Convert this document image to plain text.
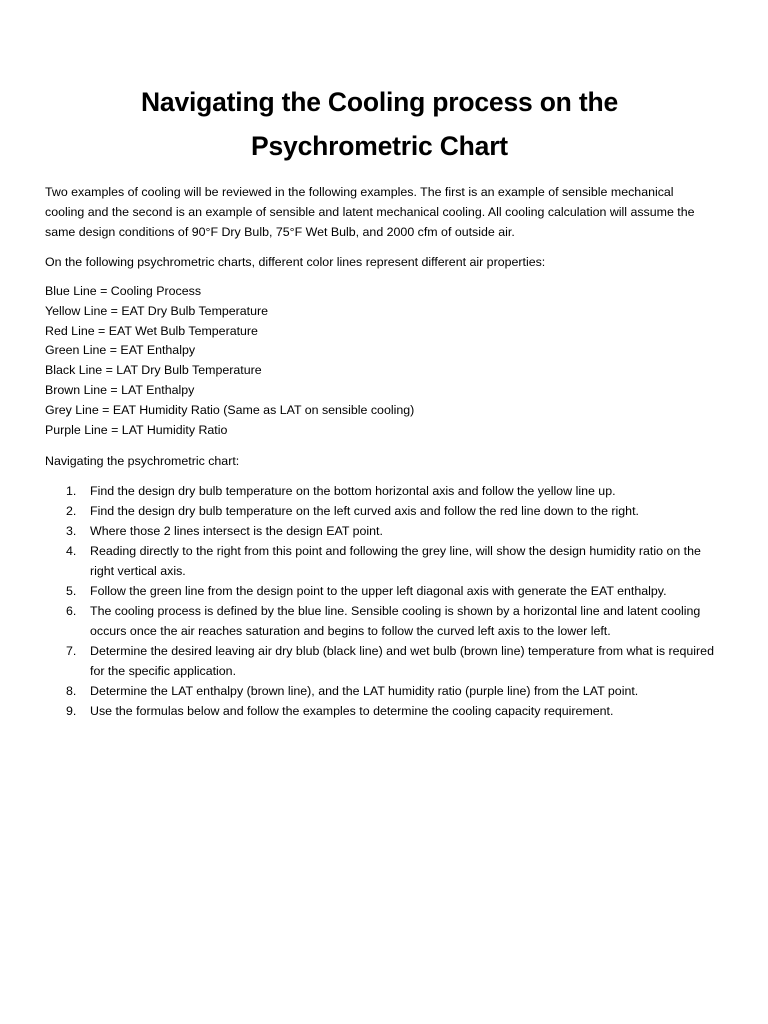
Navigating the Cooling process on the
Psychrometric Chart

Two examples of cooling will be reviewed in the following examples. The first is an example of sensible mechanical cooling and the second is an example of sensible and latent mechanical cooling. All cooling calculation will assume the same design conditions of 90°F Dry Bulb, 75°F Wet Bulb, and 2000 cfm of outside air.

On the following psychrometric charts, different color lines represent different air properties:

Blue Line = Cooling Process
Yellow Line = EAT Dry Bulb Temperature
Red Line = EAT Wet Bulb Temperature
Green Line = EAT Enthalpy
Black Line = LAT Dry Bulb Temperature
Brown Line = LAT Enthalpy
Grey Line = EAT Humidity Ratio (Same as LAT on sensible cooling)
Purple Line = LAT Humidity Ratio

Navigating the psychrometric chart:

1. Find the design dry bulb temperature on the bottom horizontal axis and follow the yellow line up.
2. Find the design dry bulb temperature on the left curved axis and follow the red line down to the right.
3. Where those 2 lines intersect is the design EAT point.
4. Reading directly to the right from this point and following the grey line, will show the design humidity ratio on the right vertical axis.
5. Follow the green line from the design point to the upper left diagonal axis with generate the EAT enthalpy.
6. The cooling process is defined by the blue line. Sensible cooling is shown by a horizontal line and latent cooling occurs once the air reaches saturation and begins to follow the curved left axis to the lower left.
7. Determine the desired leaving air dry blub (black line) and wet bulb (brown line) temperature from what is required for the specific application.
8. Determine the LAT enthalpy (brown line), and the LAT humidity ratio (purple line) from the LAT point.
9. Use the formulas below and follow the examples to determine the cooling capacity requirement.
